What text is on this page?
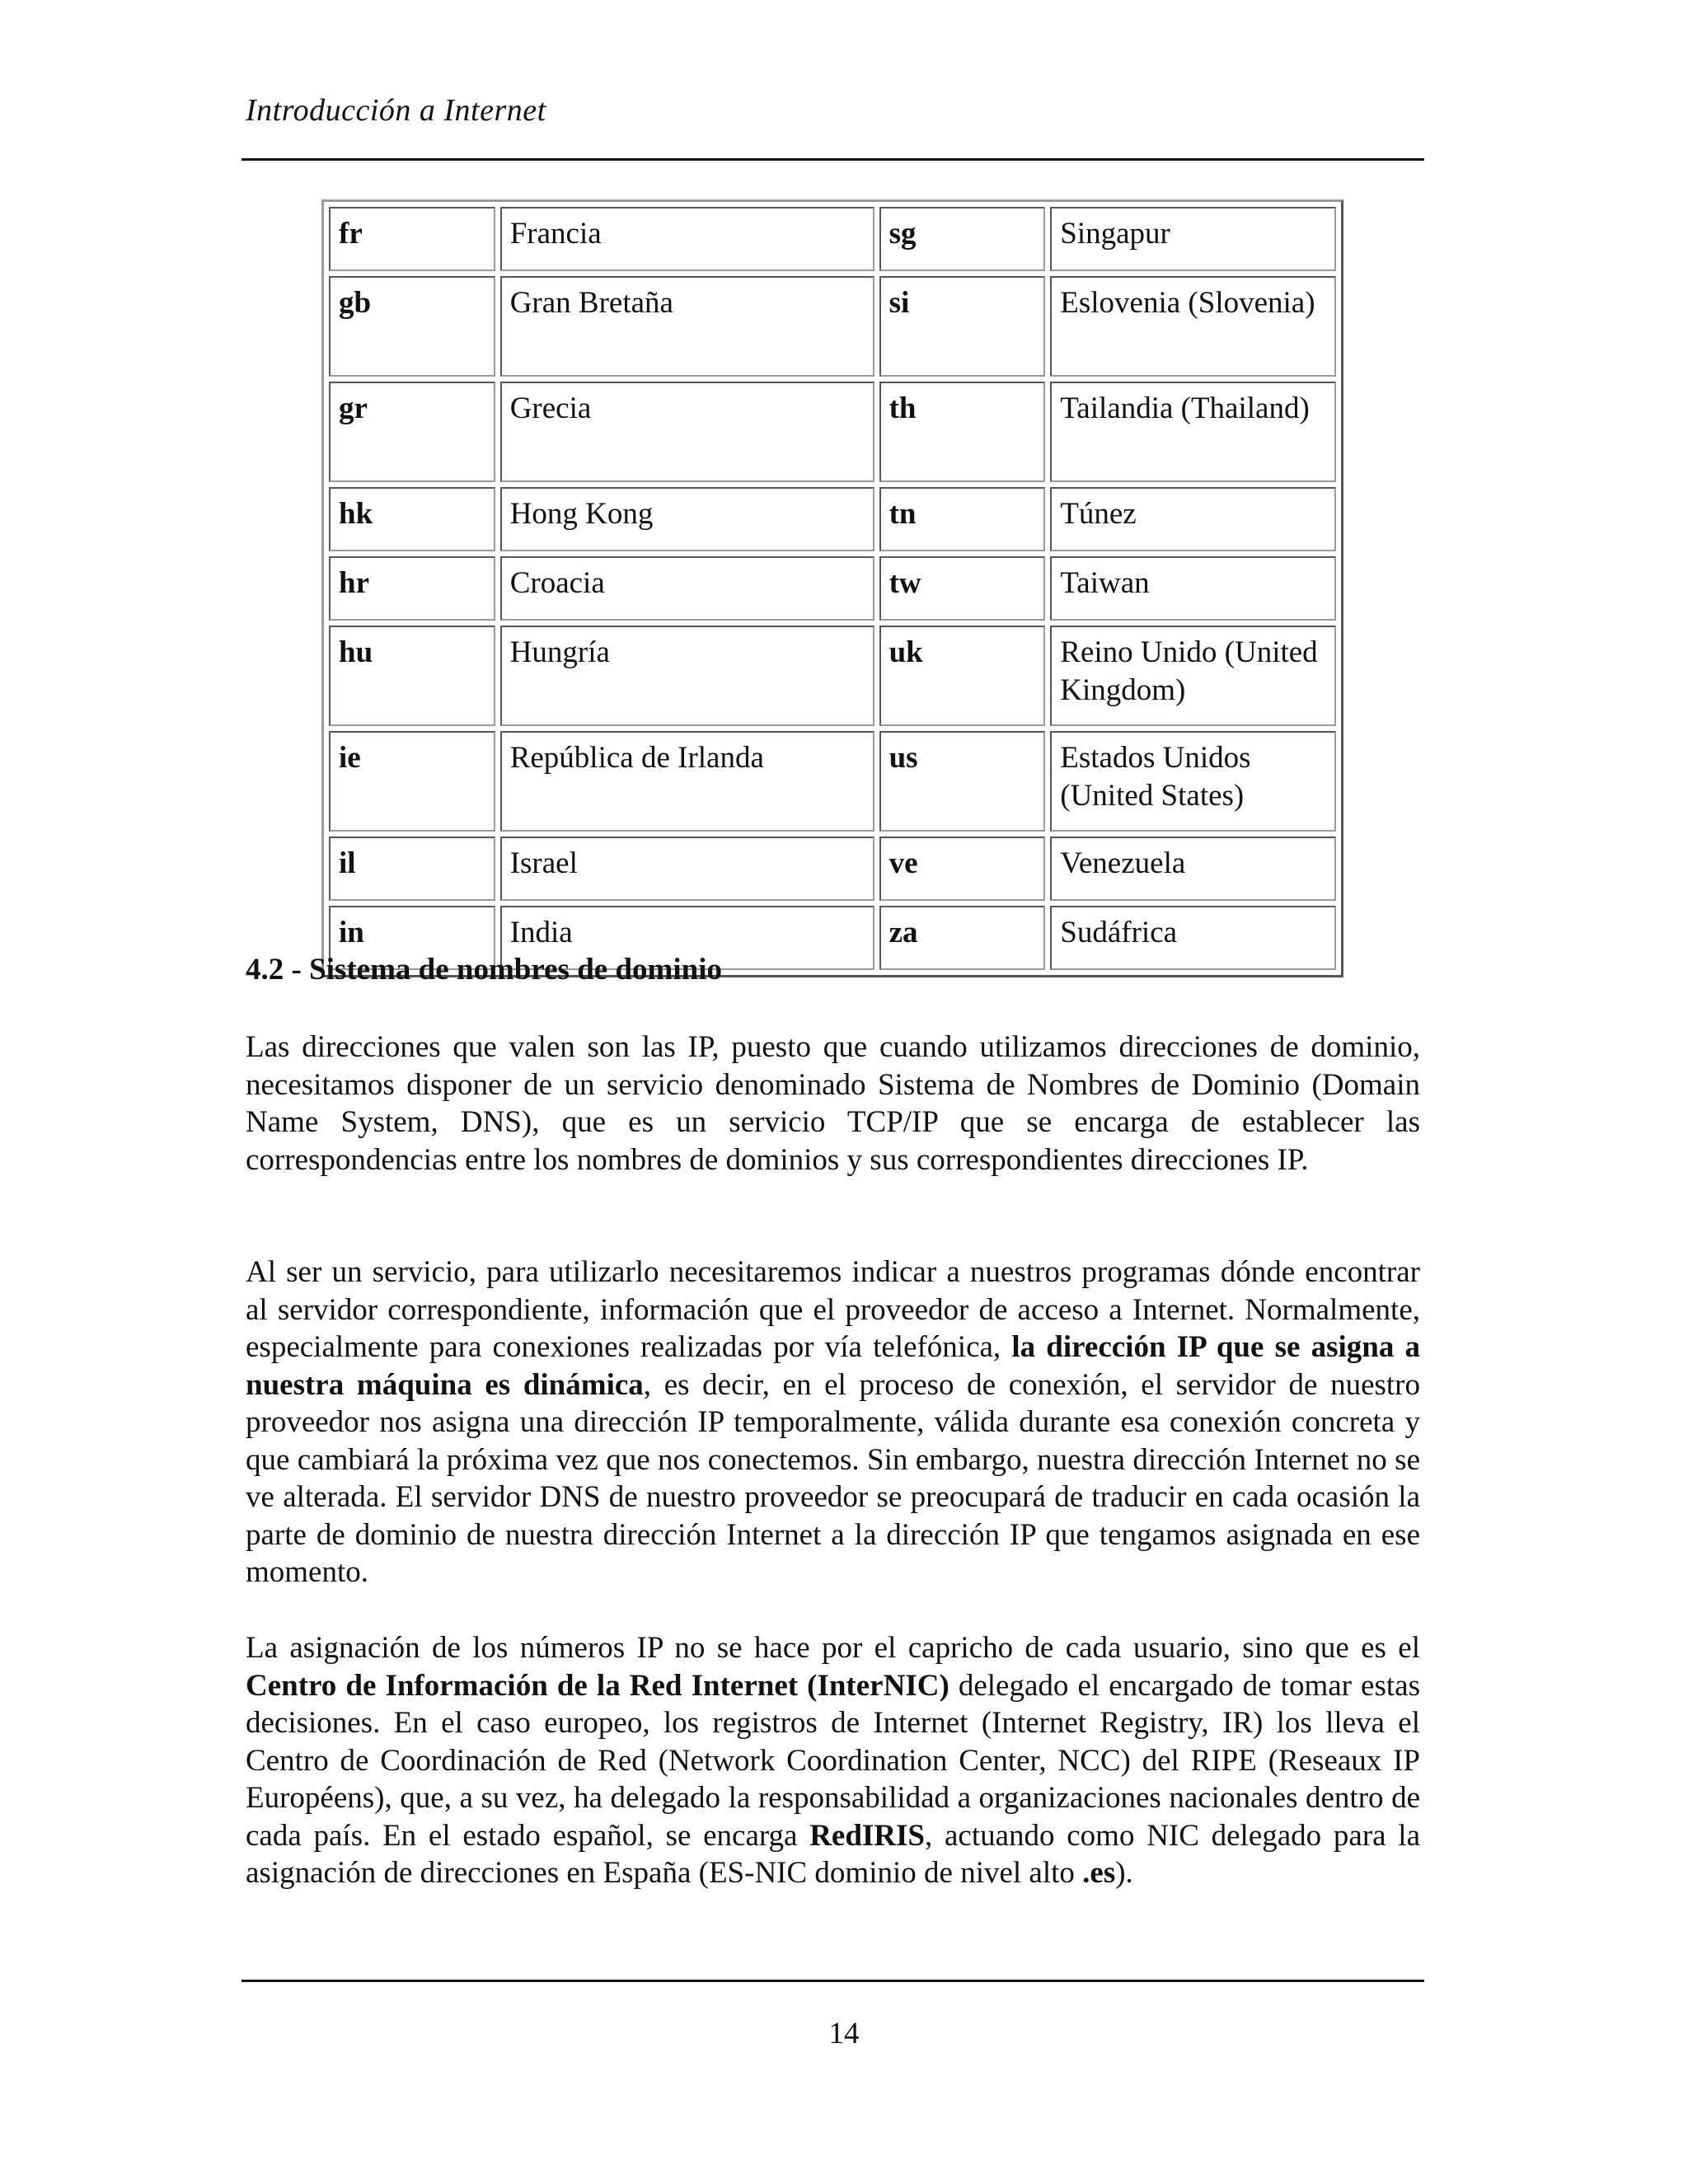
Introducción a Internet
fr	Francia	sg	Singapur
gb	Gran Bretaña	si	Eslovenia (Slovenia)
gr	Grecia	th	Tailandia (Thailand)
hk	Hong Kong	tn	Túnez
hr	Croacia	tw	Taiwan
hu	Hungría	uk	Reino Unido (United Kingdom)
ie	República de Irlanda	us	Estados Unidos (United States)
il	Israel	ve	Venezuela
in	India	za	Sudáfrica
4.2 - Sistema de nombres de dominio

Las direcciones que valen son las IP, puesto que cuando utilizamos direcciones de dominio, necesitamos disponer de un servicio denominado Sistema de Nombres de Dominio (Domain Name System, DNS), que es un servicio TCP/IP que se encarga de establecer las correspondencias entre los nombres de dominios y sus correspondientes direcciones IP.

Al ser un servicio, para utilizarlo necesitaremos indicar a nuestros programas dónde encontrar al servidor correspondiente, información que el proveedor de acceso a Internet. Normalmente, especialmente para conexiones realizadas por vía telefónica, la dirección IP que se asigna a nuestra máquina es dinámica, es decir, en el proceso de conexión, el servidor de nuestro proveedor nos asigna una dirección IP temporalmente, válida durante esa conexión concreta y que cambiará la próxima vez que nos conectemos. Sin embargo, nuestra dirección Internet no se ve alterada. El servidor DNS de nuestro proveedor se preocupará de traducir en cada ocasión la parte de dominio de nuestra dirección Internet a la dirección IP que tengamos asignada en ese momento.

La asignación de los números IP no se hace por el capricho de cada usuario, sino que es el Centro de Información de la Red Internet (InterNIC) delegado el encargado de tomar estas decisiones. En el caso europeo, los registros de Internet (Internet Registry, IR) los lleva el Centro de Coordinación de Red (Network Coordination Center, NCC) del RIPE (Reseaux IP Européens), que, a su vez, ha delegado la responsabilidad a organizaciones nacionales dentro de cada país. En el estado español, se encarga RedIRIS, actuando como NIC delegado para la asignación de direcciones en España (ES-NIC dominio de nivel alto .es).

14
